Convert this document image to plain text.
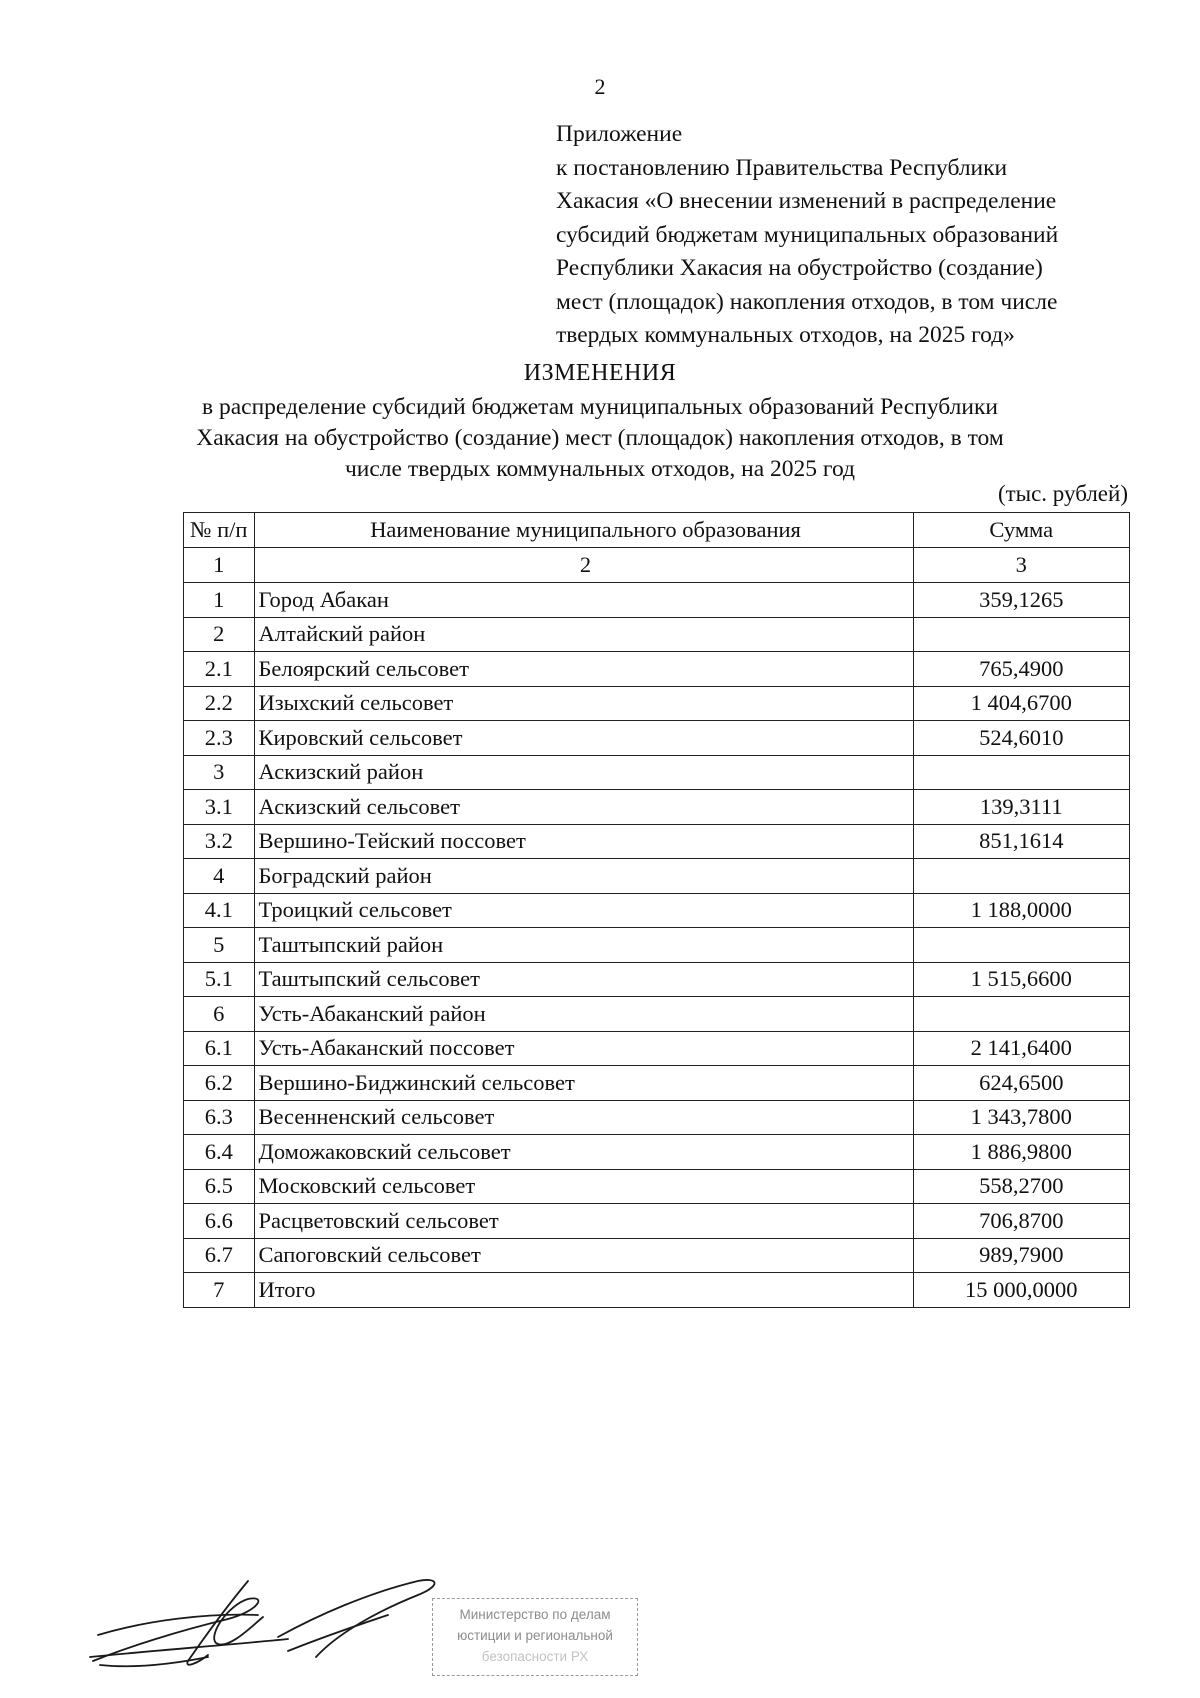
2
Приложение
к постановлению Правительства Республики
Хакасия «О внесении изменений в распределение
субсидий бюджетам муниципальных образований
Республики Хакасия на обустройство (создание)
мест (площадок) накопления отходов, в том числе
твердых коммунальных отходов, на 2025 год»
ИЗМЕНЕНИЯ
в распределение субсидий бюджетам муниципальных образований Республики
Хакасия на обустройство (создание) мест (площадок) накопления отходов, в том
числе твердых коммунальных отходов, на 2025 год
(тыс. рублей)
№ п/п	Наименование муниципального образования	Сумма
1	2	3
1	Город Абакан	359,1265
2	Алтайский район	
2.1	Белоярский сельсовет	765,4900
2.2	Изыхский сельсовет	1 404,6700
2.3	Кировский сельсовет	524,6010
3	Аскизский район	
3.1	Аскизский сельсовет	139,3111
3.2	Вершино-Тейский поссовет	851,1614
4	Боградский район	
4.1	Троицкий сельсовет	1 188,0000
5	Таштыпский район	
5.1	Таштыпский сельсовет	1 515,6600
6	Усть-Абаканский район	
6.1	Усть-Абаканский поссовет	2 141,6400
6.2	Вершино-Биджинский сельсовет	624,6500
6.3	Весенненский сельсовет	1 343,7800
6.4	Доможаковский сельсовет	1 886,9800
6.5	Московский сельсовет	558,2700
6.6	Расцветовский сельсовет	706,8700
6.7	Сапоговский сельсовет	989,7900
7	Итого	15 000,0000
Министерство по делам
юстиции и региональной
безопасности РХ
